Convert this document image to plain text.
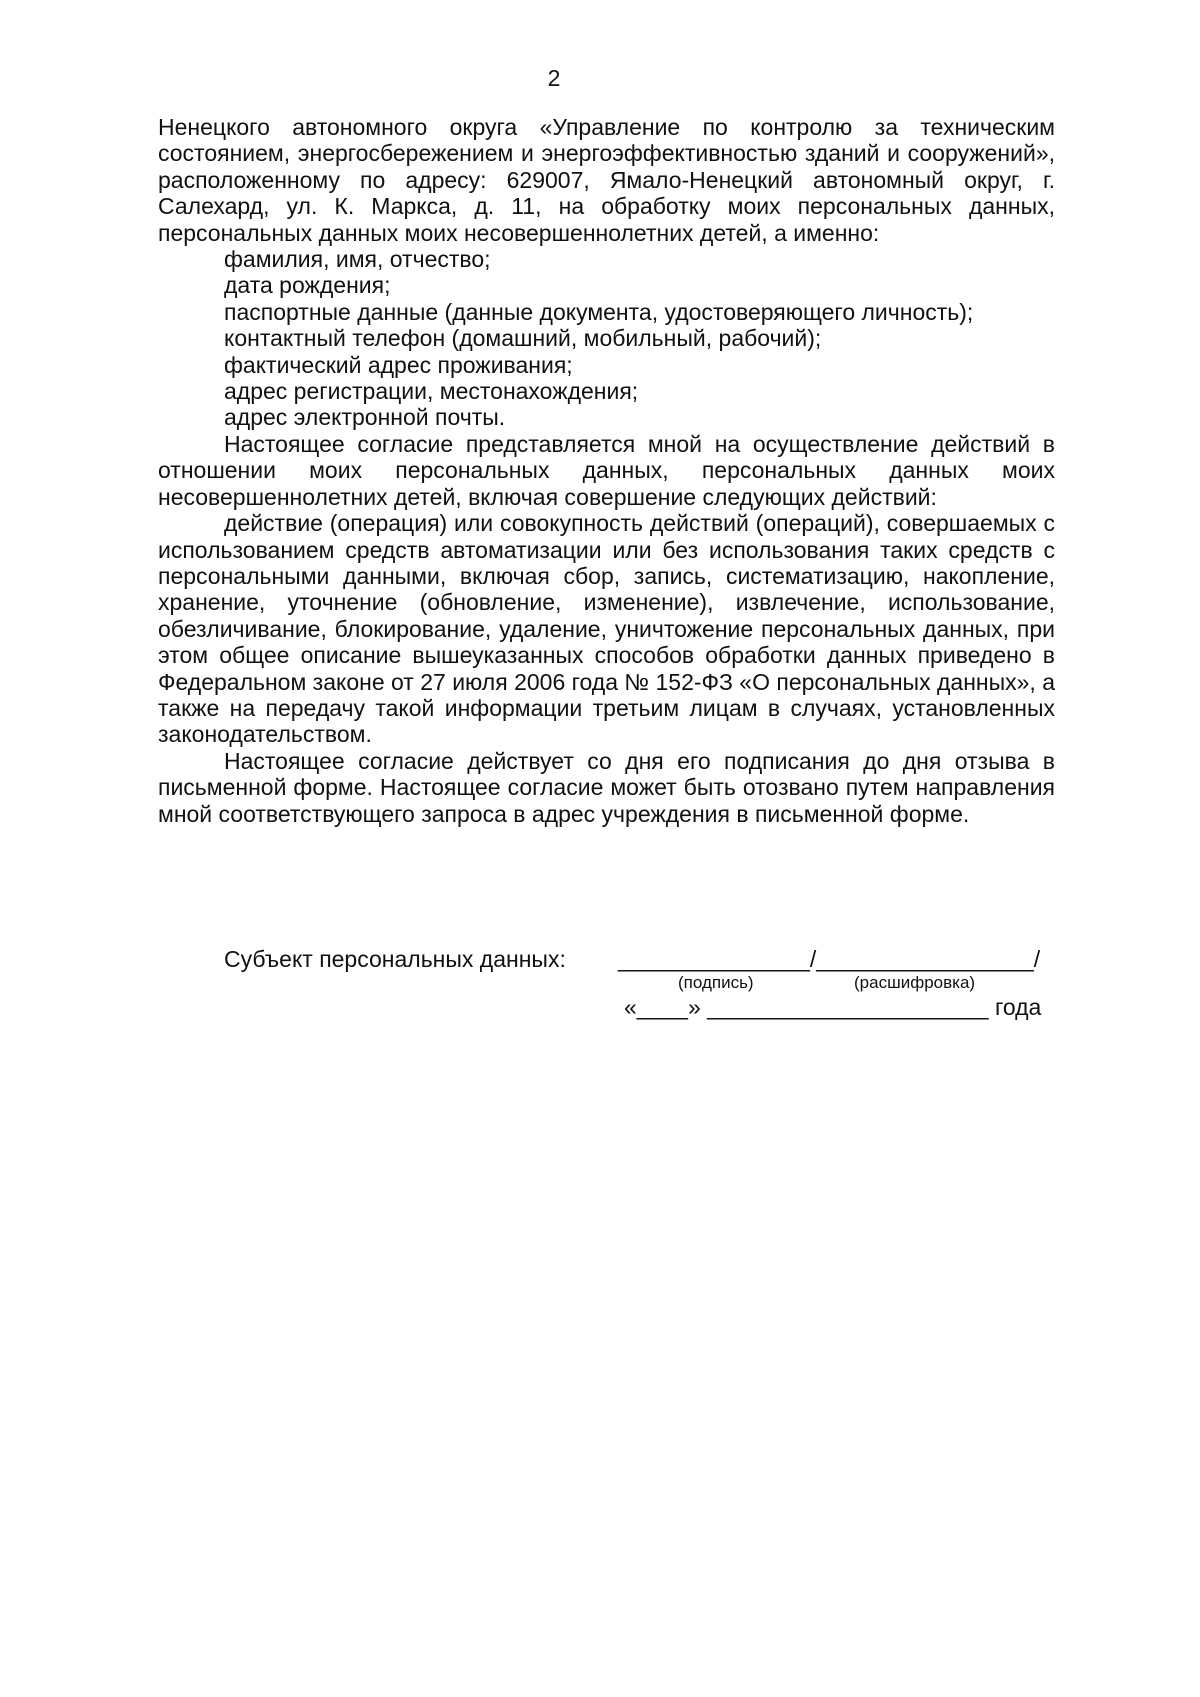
2

Ненецкого автономного округа «Управление по контролю за техническим состоянием, энергосбережением и энергоэффективностью зданий и сооружений», расположенному по адресу: 629007, Ямало-Ненецкий автономный округ, г. Салехард, ул. К. Маркса, д. 11, на обработку моих персональных данных, персональных данных моих несовершеннолетних детей, а именно:

фамилия, имя, отчество;

дата рождения;

паспортные данные (данные документа, удостоверяющего личность);

контактный телефон (домашний, мобильный, рабочий);

фактический адрес проживания;

адрес регистрации, местонахождения;

адрес электронной почты.

Настоящее согласие представляется мной на осуществление действий в отношении моих персональных данных, персональных данных моих несовершеннолетних детей, включая совершение следующих действий:

действие (операция) или совокупность действий (операций), совершаемых с использованием средств автоматизации или без использования таких средств с персональными данными, включая сбор, запись, систематизацию, накопление, хранение, уточнение (обновление, изменение), извлечение, использование, обезличивание, блокирование, удаление, уничтожение персональных данных, при этом общее описание вышеуказанных способов обработки данных приведено в Федеральном законе от 27 июля 2006 года № 152-ФЗ «О персональных данных», а также на передачу такой информации третьим лицам в случаях, установленных законодательством.

Настоящее согласие действует со дня его подписания до дня отзыва в письменной форме. Настоящее согласие может быть отозвано путем направления мной соответствующего запроса в адрес учреждения в письменной форме.

Субъект персональных данных: _______________/_________________/
(подпись)	(расшифровка)
«____» ______________________ года
